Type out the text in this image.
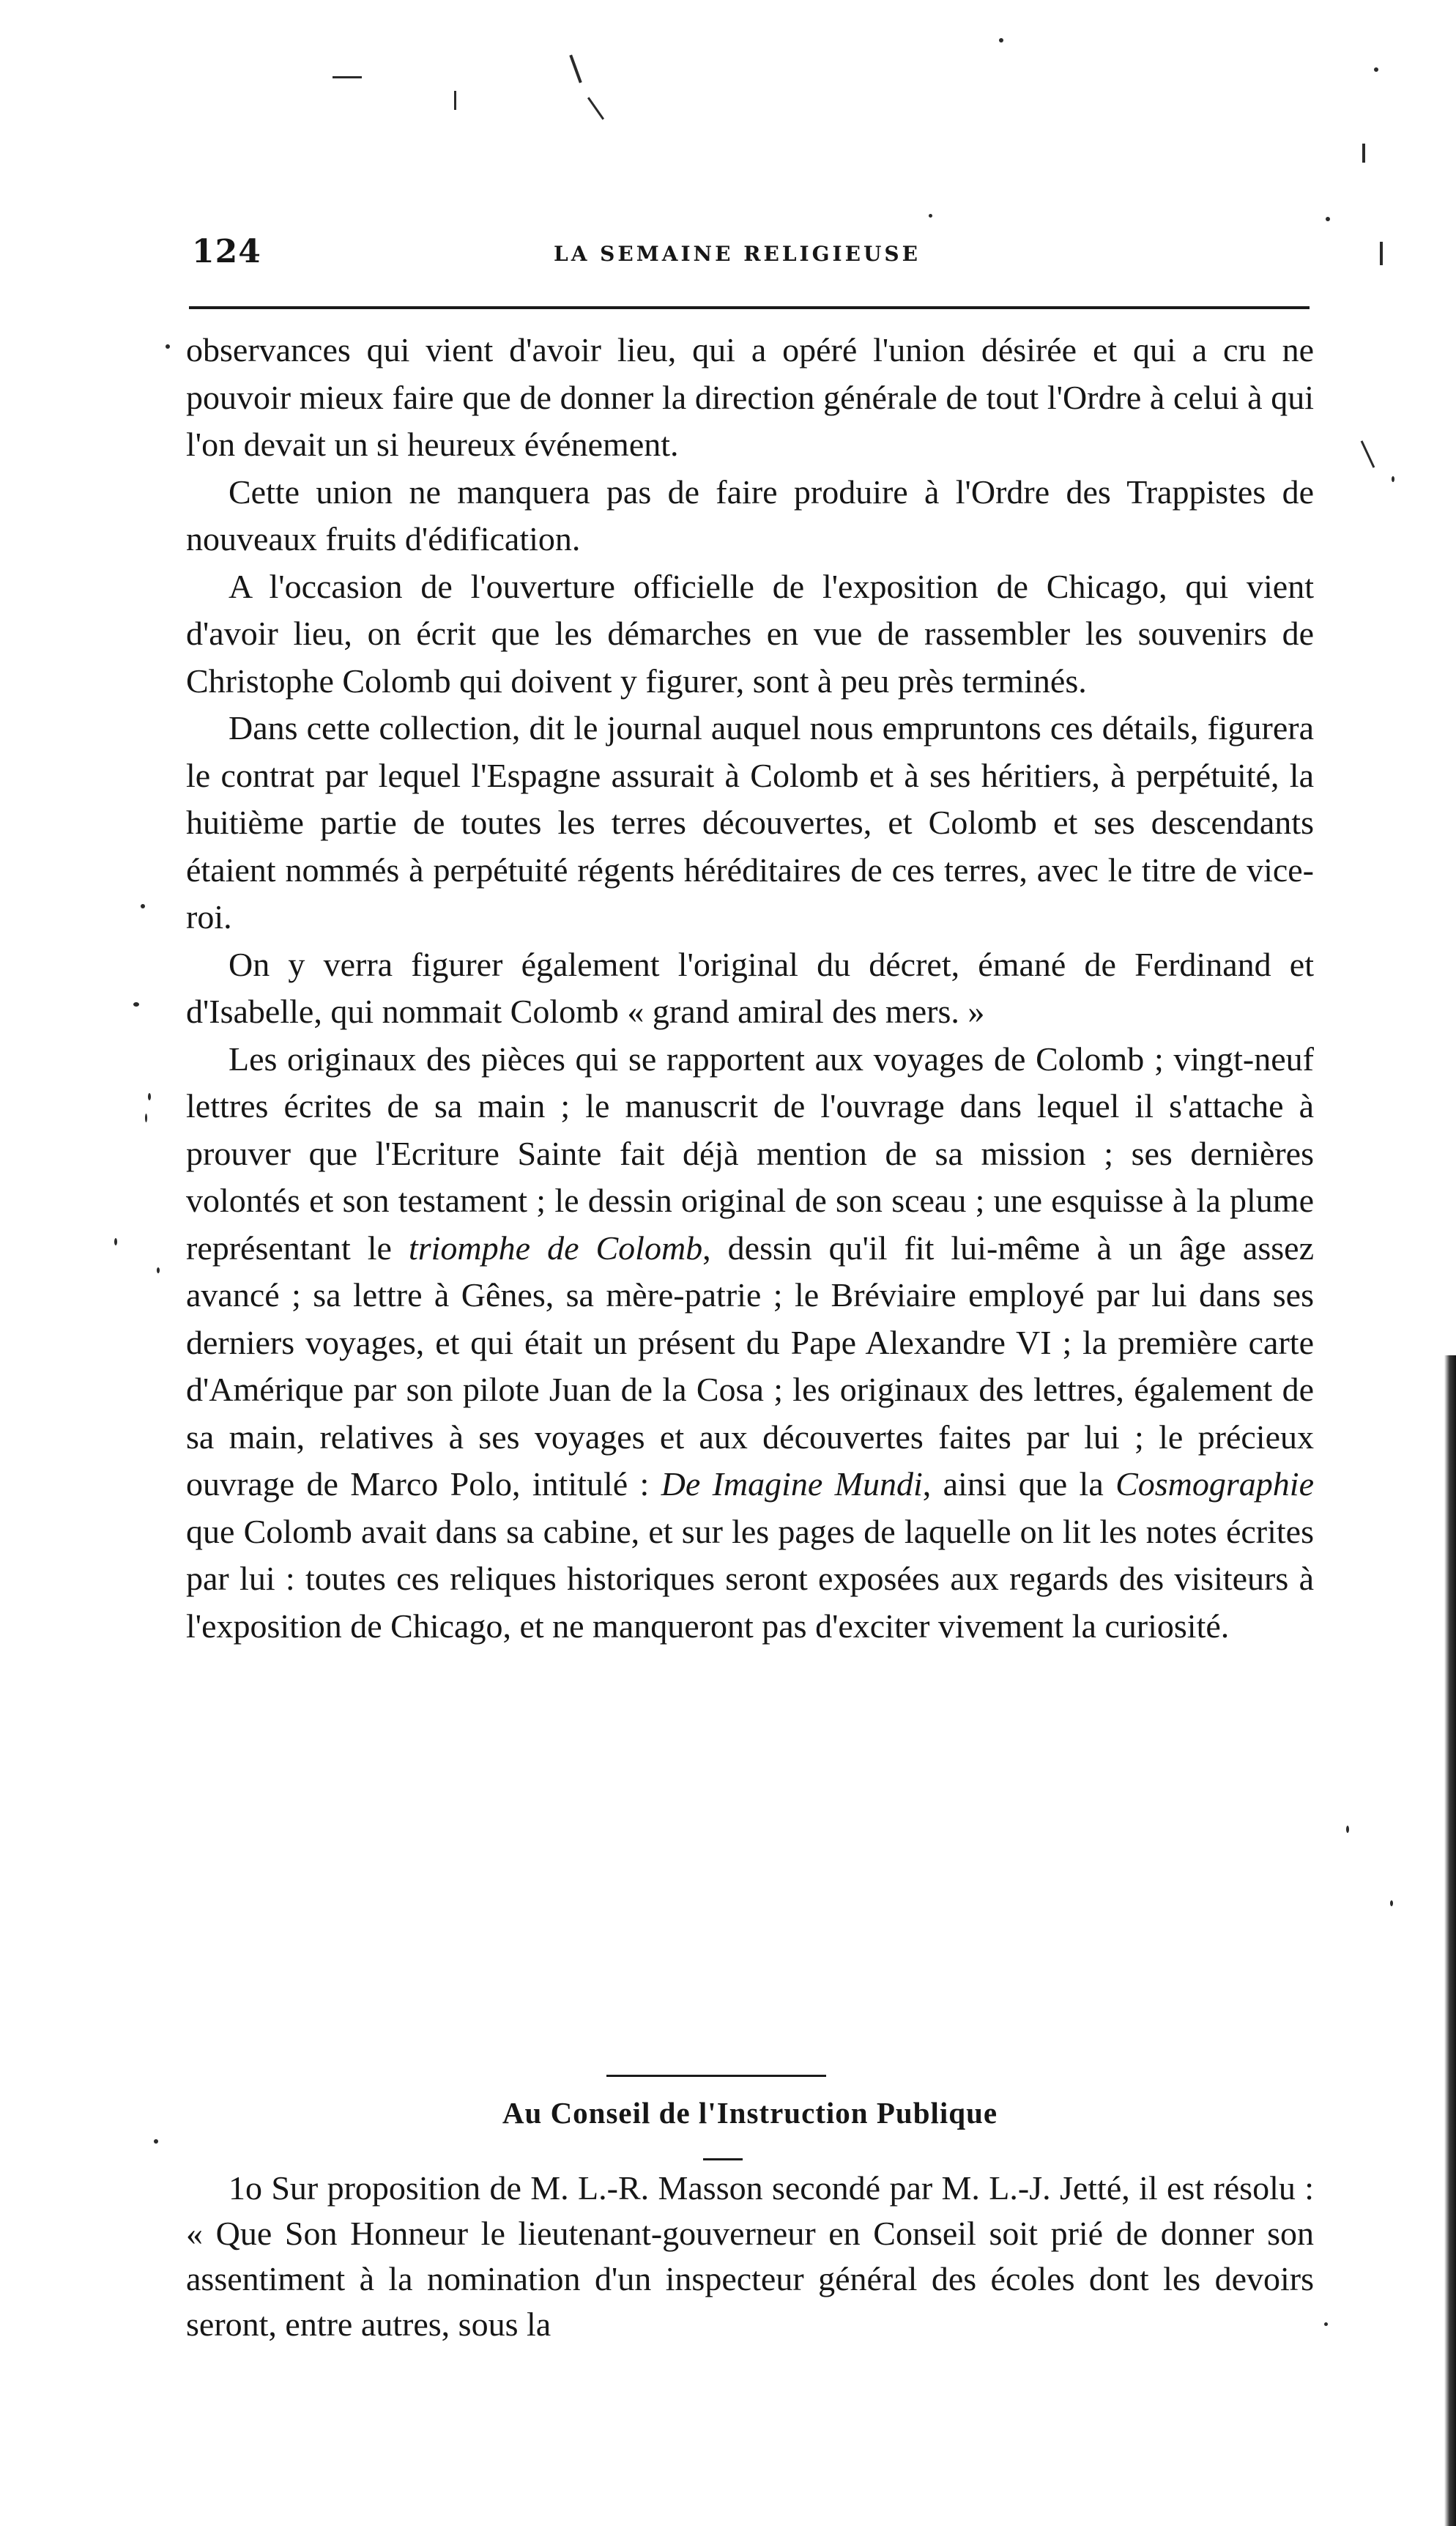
124	LA SEMAINE RELIGIEUSE

observances qui vient d'avoir lieu, qui a opéré l'union désirée et qui a cru ne pouvoir mieux faire que de donner la direction générale de tout l'Ordre à celui à qui l'on devait un si heureux événement.

Cette union ne manquera pas de faire produire à l'Ordre des Trappistes de nouveaux fruits d'édification.

A l'occasion de l'ouverture officielle de l'exposition de Chicago, qui vient d'avoir lieu, on écrit que les démarches en vue de rassembler les souvenirs de Christophe Colomb qui doivent y figurer, sont à peu près terminés.

Dans cette collection, dit le journal auquel nous empruntons ces détails, figurera le contrat par lequel l'Espagne assurait à Colomb et à ses héritiers, à perpétuité, la huitième partie de toutes les terres découvertes, et Colomb et ses descendants étaient nommés à perpétuité régents héréditaires de ces terres, avec le titre de vice-roi.

On y verra figurer également l'original du décret, émané de Ferdinand et d'Isabelle, qui nommait Colomb « grand amiral des mers. »

Les originaux des pièces qui se rapportent aux voyages de Colomb ; vingt-neuf lettres écrites de sa main ; le manuscrit de l'ouvrage dans lequel il s'attache à prouver que l'Ecriture Sainte fait déjà mention de sa mission ; ses dernières volontés et son testament ; le dessin original de son sceau ; une esquisse à la plume représentant le triomphe de Colomb, dessin qu'il fit lui-même à un âge assez avancé ; sa lettre à Gênes, sa mère-patrie ; le Bréviaire employé par lui dans ses derniers voyages, et qui était un présent du Pape Alexandre VI ; la première carte d'Amérique par son pilote Juan de la Cosa ; les originaux des lettres, également de sa main, relatives à ses voyages et aux découvertes faites par lui ; le précieux ouvrage de Marco Polo, intitulé : De Imagine Mundi, ainsi que la Cosmographie que Colomb avait dans sa cabine, et sur les pages de laquelle on lit les notes écrites par lui : toutes ces reliques historiques seront exposées aux regards des visiteurs à l'exposition de Chicago, et ne manqueront pas d'exciter vivement la curiosité.

Au Conseil de l'Instruction Publique

1o Sur proposition de M. L.-R. Masson secondé par M. L.-J. Jetté, il est résolu : « Que Son Honneur le lieutenant-gouverneur en Conseil soit prié de donner son assentiment à la nomination d'un inspecteur général des écoles dont les devoirs seront, entre autres, sous la
